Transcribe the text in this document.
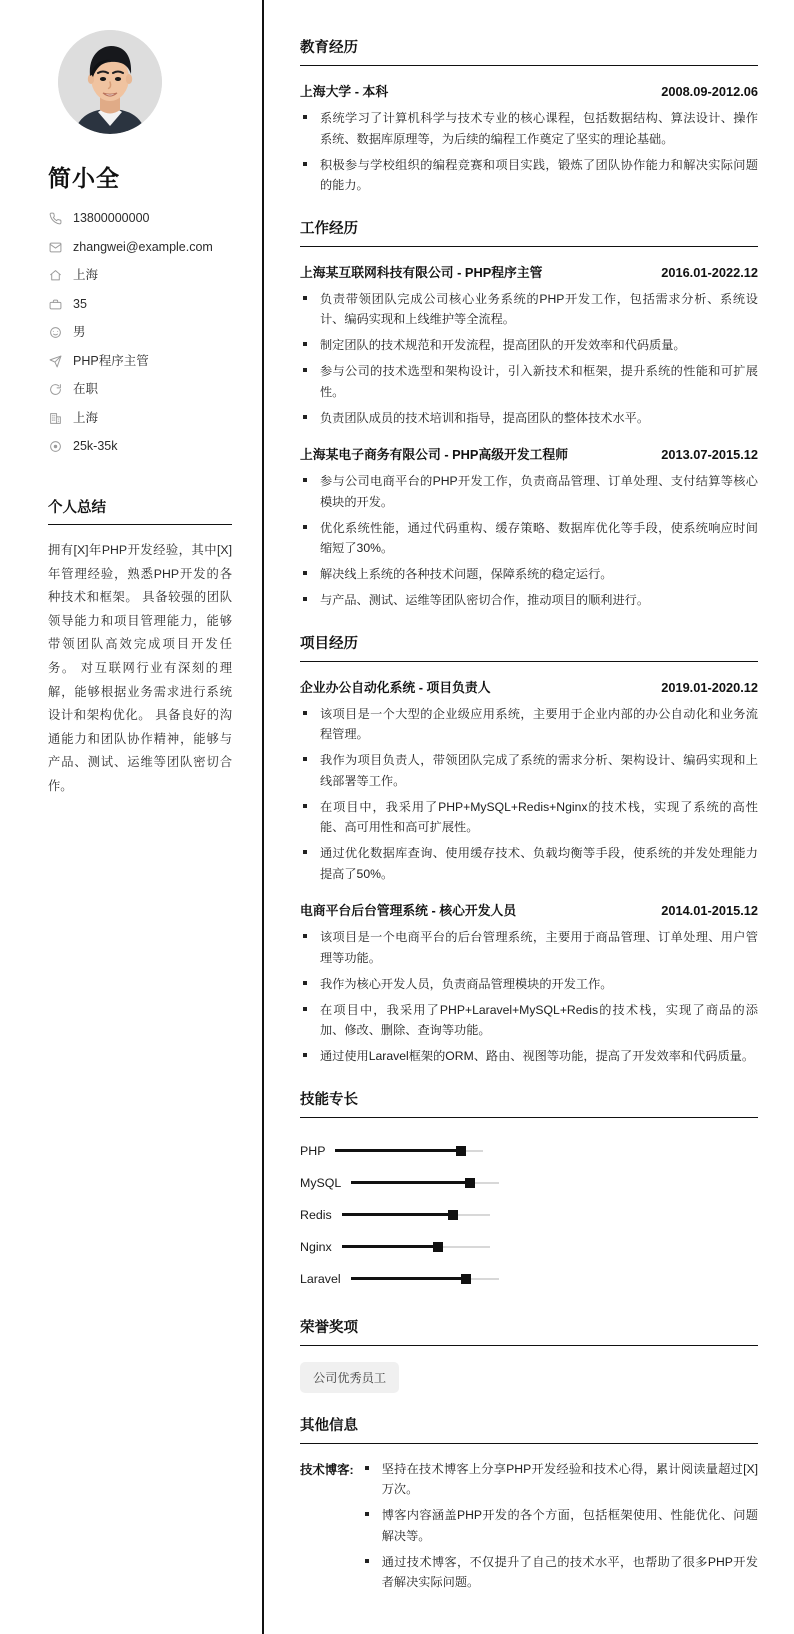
简小全
13800000000
zhangwei@example.com
上海
35
男
PHP程序主管
在职
上海
25k-35k
个人总结

拥有[X]年PHP开发经验，其中[X]年管理经验，熟悉PHP开发的各种技术和框架。 具备较强的团队领导能力和项目管理能力，能够带领团队高效完成项目开发任务。 对互联网行业有深刻的理解，能够根据业务需求进行系统设计和架构优化。 具备良好的沟通能力和团队协作精神，能够与产品、测试、运维等团队密切合作。

教育经历
上海大学 - 本科	2008.09-2012.06
系统学习了计算机科学与技术专业的核心课程，包括数据结构、算法设计、操作系统、数据库原理等，为后续的编程工作奠定了坚实的理论基础。
积极参与学校组织的编程竞赛和项目实践，锻炼了团队协作能力和解决实际问题的能力。
工作经历
上海某互联网科技有限公司 - PHP程序主管	2016.01-2022.12
负责带领团队完成公司核心业务系统的PHP开发工作，包括需求分析、系统设计、编码实现和上线维护等全流程。
制定团队的技术规范和开发流程，提高团队的开发效率和代码质量。
参与公司的技术选型和架构设计，引入新技术和框架，提升系统的性能和可扩展性。
负责团队成员的技术培训和指导，提高团队的整体技术水平。
上海某电子商务有限公司 - PHP高级开发工程师	2013.07-2015.12
参与公司电商平台的PHP开发工作，负责商品管理、订单处理、支付结算等核心模块的开发。
优化系统性能，通过代码重构、缓存策略、数据库优化等手段，使系统响应时间缩短了30%。
解决线上系统的各种技术问题，保障系统的稳定运行。
与产品、测试、运维等团队密切合作，推动项目的顺利进行。
项目经历
企业办公自动化系统 - 项目负责人	2019.01-2020.12
该项目是一个大型的企业级应用系统，主要用于企业内部的办公自动化和业务流程管理。
我作为项目负责人，带领团队完成了系统的需求分析、架构设计、编码实现和上线部署等工作。
在项目中，我采用了PHP+MySQL+Redis+Nginx的技术栈，实现了系统的高性能、高可用性和高可扩展性。
通过优化数据库查询、使用缓存技术、负载均衡等手段，使系统的并发处理能力提高了50%。
电商平台后台管理系统 - 核心开发人员	2014.01-2015.12
该项目是一个电商平台的后台管理系统，主要用于商品管理、订单处理、用户管理等功能。
我作为核心开发人员，负责商品管理模块的开发工作。
在项目中，我采用了PHP+Laravel+MySQL+Redis的技术栈，实现了商品的添加、修改、删除、查询等功能。
通过使用Laravel框架的ORM、路由、视图等功能，提高了开发效率和代码质量。
技能专长
PHP
MySQL
Redis
Nginx
Laravel
荣誉奖项
公司优秀员工
其他信息
技术博客:	坚持在技术博客上分享PHP开发经验和技术心得，累计阅读量超过[X]万次。
博客内容涵盖PHP开发的各个方面，包括框架使用、性能优化、问题解决等。
通过技术博客，不仅提升了自己的技术水平，也帮助了很多PHP开发者解决实际问题。
